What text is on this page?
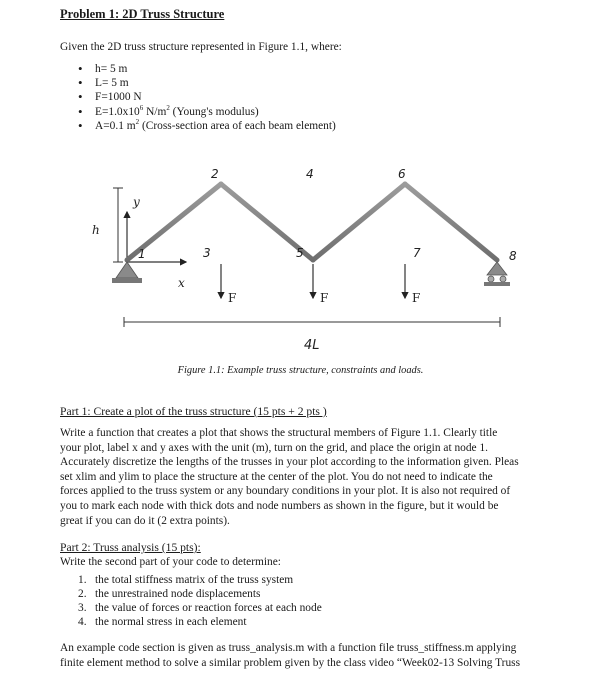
Problem 1: 2D Truss Structure
Given the 2D truss structure represented in Figure 1.1, where:
• h= 5 m
• L= 5 m
• F=1000 N
• $E=1.0x10^6$ $N/m^2$ (Young's modulus)
• A=0.1 $m^2$ (Cross-section area of each beam element)
h
y
x
1
2
3
4
5
6
7	8
F	F	F
4L
Figure 1.1: Example truss structure, constraints and loads.
Part 1: Create a plot of the truss structure (15 pts + 2 pts )

Write a function that creates a plot that shows the structural members of Figure 1.1. Clearly title

your plot, label x and y axes with the unit (m), turn on the grid, and place the origin at node 1.

Accurately discretize the lengths of the trusses in your plot according to the information given. Pleas

set xlim and ylim to place the structure at the center of the plot. You do not need to indicate the

forces applied to the truss system or any boundary conditions in your plot. It is also not required of

you to mark each node with thick dots and node numbers as shown in the figure, but it would be

great if you can do it (2 extra points).

Part 2: Truss analysis (15 pts):
Write the second part of your code to determine:
1. the total stiffness matrix of the truss system
2. the unrestrained node displacements
3. the value of forces or reaction forces at each node
4. the normal stress in each element

An example code section is given as truss_analysis.m with a function file truss_stiffness.m applying

finite element method to solve a similar problem given by the class video “Week02-13 Solving Truss
